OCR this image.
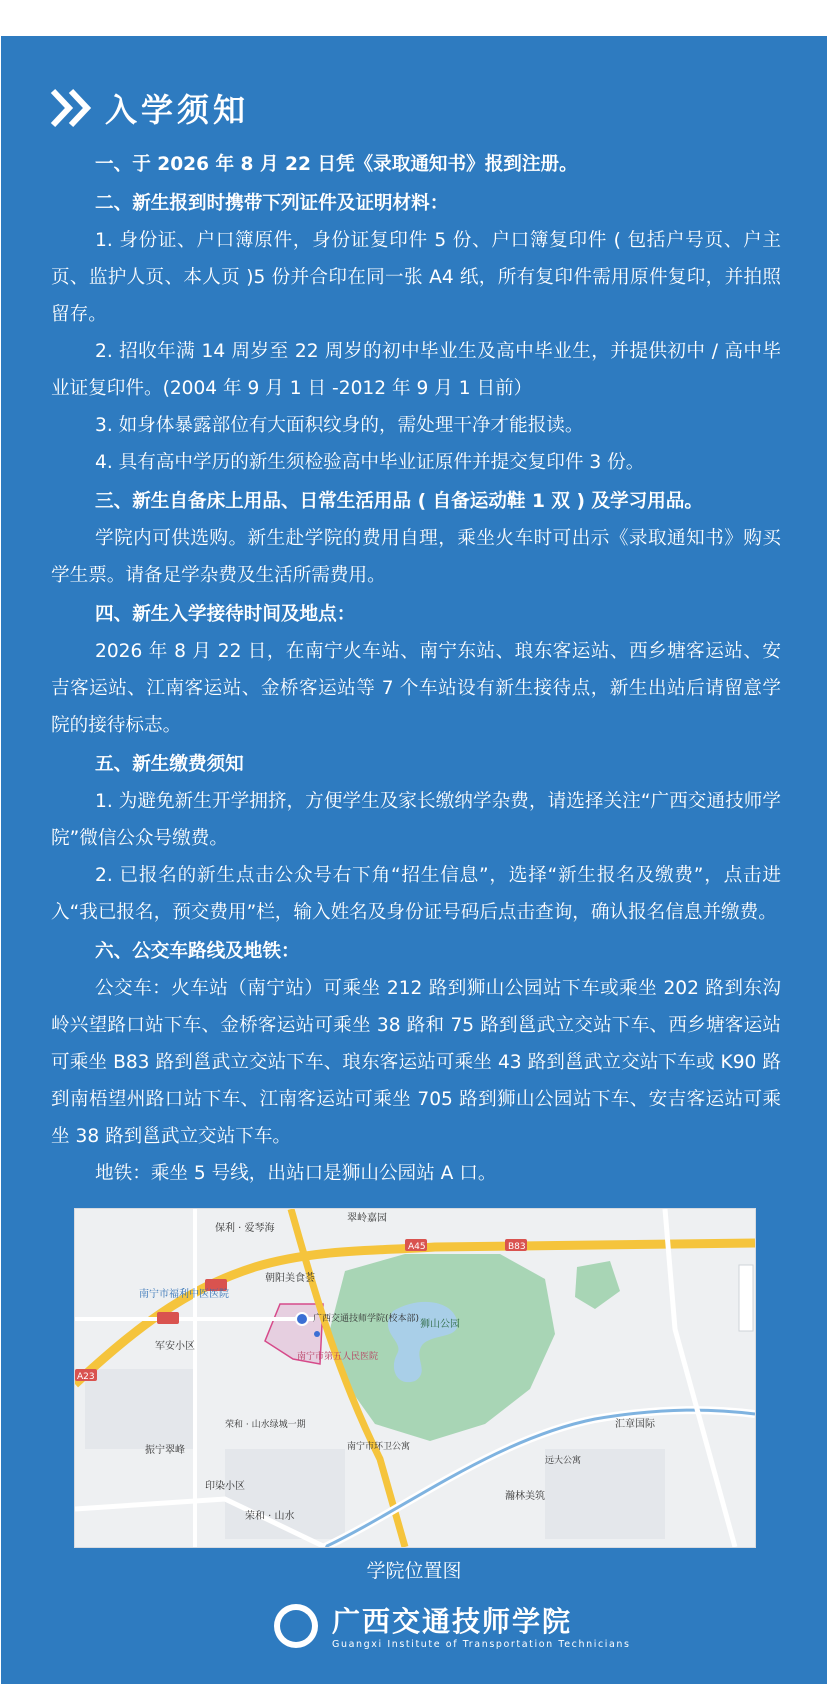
入学须知

一、于 2026 年 8 月 22 日凭《录取通知书》报到注册。

二、新生报到时携带下列证件及证明材料：

1. 身份证、户口簿原件，身份证复印件 5 份、户口簿复印件 ( 包括户号页、户主页、监护人页、本人页 )5 份并合印在同一张 A4 纸，所有复印件需用原件复印，并拍照留存。

2. 招收年满 14 周岁至 22 周岁的初中毕业生及高中毕业生，并提供初中 / 高中毕业证复印件。(2004 年 9 月 1 日 -2012 年 9 月 1 日前）

3. 如身体暴露部位有大面积纹身的，需处理干净才能报读。

4. 具有高中学历的新生须检验高中毕业证原件并提交复印件 3 份。

三、新生自备床上用品、日常生活用品 ( 自备运动鞋 1 双 ) 及学习用品。

学院内可供选购。新生赴学院的费用自理，乘坐火车时可出示《录取通知书》购买学生票。请备足学杂费及生活所需费用。

四、新生入学接待时间及地点：

2026 年 8 月 22 日，在南宁火车站、南宁东站、琅东客运站、西乡塘客运站、安吉客运站、江南客运站、金桥客运站等 7 个车站设有新生接待点，新生出站后请留意学院的接待标志。

五、新生缴费须知

1. 为避免新生开学拥挤，方便学生及家长缴纳学杂费，请选择关注“广西交通技师学院”微信公众号缴费。

2. 已报名的新生点击公众号右下角“招生信息”，选择“新生报名及缴费”，点击进入“我已报名，预交费用”栏，输入姓名及身份证号码后点击查询，确认报名信息并缴费。

六、公交车路线及地铁：

公交车：火车站（南宁站）可乘坐 212 路到狮山公园站下车或乘坐 202 路到东沟岭兴望路口站下车、金桥客运站可乘坐 38 路和 75 路到邕武立交站下车、西乡塘客运站可乘坐 B83 路到邕武立交站下车、琅东客运站可乘坐 43 路到邕武立交站下车或 K90 路到南梧望州路口站下车、江南客运站可乘坐 705 路到狮山公园站下车、安吉客运站可乘坐 38 路到邕武立交站下车。

地铁：乘坐 5 号线，出站口是狮山公园站 A 口。

A45	B83
A23
保利 · 爱琴海
翠岭嘉园
南宁市福利中医医院
朝阳美食荟
广西交通技师学院(校本部)
南宁市第五人民医院
狮山公园
军安小区
荣和 · 山水绿城一期
振宁翠峰
印染小区
荣和 · 山水
南宁市环卫公寓
汇章国际
远大公寓
瀚林美筑
学院位置图
广西交通技师学院
Guangxi Institute of Transportation Technicians
